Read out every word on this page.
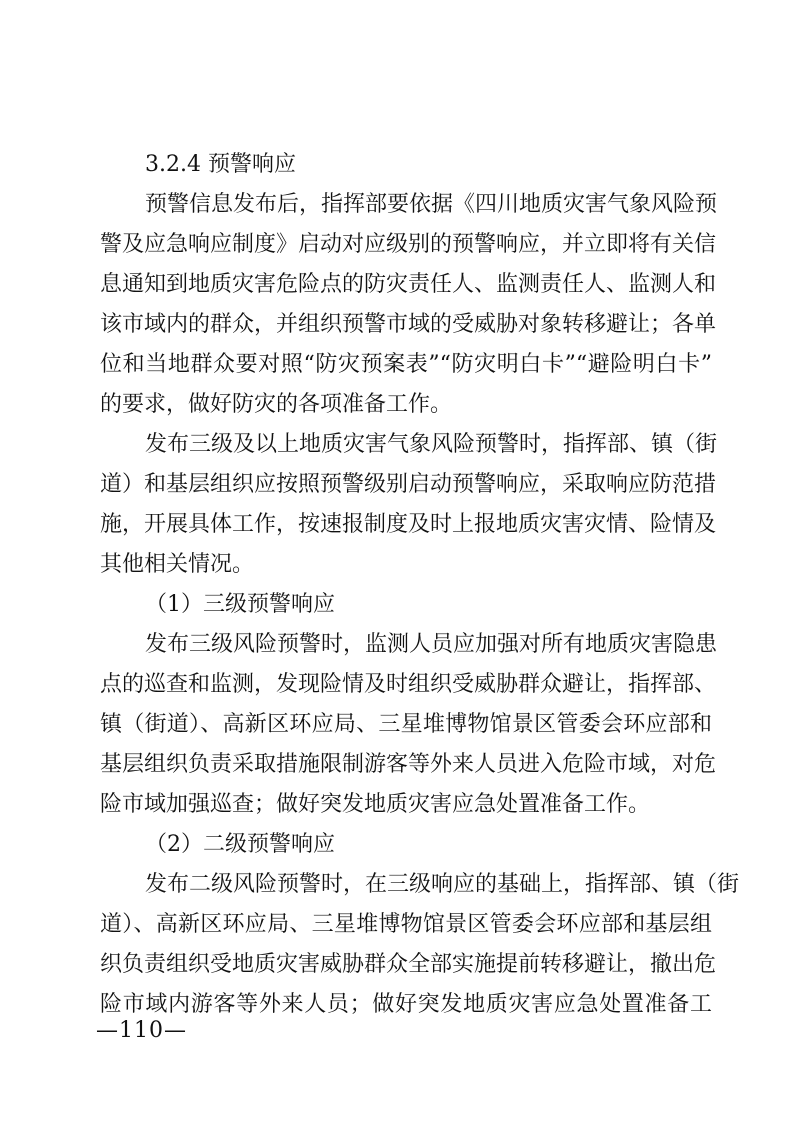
3.2.4 预警响应
预警信息发布后，指挥部要依据《四川地质灾害气象风险预
警及应急响应制度》启动对应级别的预警响应，并立即将有关信
息通知到地质灾害危险点的防灾责任人、监测责任人、监测人和
该市域内的群众，并组织预警市域的受威胁对象转移避让；各单
位和当地群众要对照“防灾预案表”“防灾明白卡”“避险明白卡”
的要求，做好防灾的各项准备工作。
发布三级及以上地质灾害气象风险预警时，指挥部、镇（街
道）和基层组织应按照预警级别启动预警响应，采取响应防范措
施，开展具体工作，按速报制度及时上报地质灾害灾情、险情及
其他相关情况。
（1）三级预警响应
发布三级风险预警时，监测人员应加强对所有地质灾害隐患
点的巡查和监测，发现险情及时组织受威胁群众避让，指挥部、
镇（街道）、高新区环应局、三星堆博物馆景区管委会环应部和
基层组织负责采取措施限制游客等外来人员进入危险市域，对危
险市域加强巡查；做好突发地质灾害应急处置准备工作。
（2）二级预警响应
发布二级风险预警时，在三级响应的基础上，指挥部、镇（街
道）、高新区环应局、三星堆博物馆景区管委会环应部和基层组
织负责组织受地质灾害威胁群众全部实施提前转移避让，撤出危
险市域内游客等外来人员；做好突发地质灾害应急处置准备工
—110—
